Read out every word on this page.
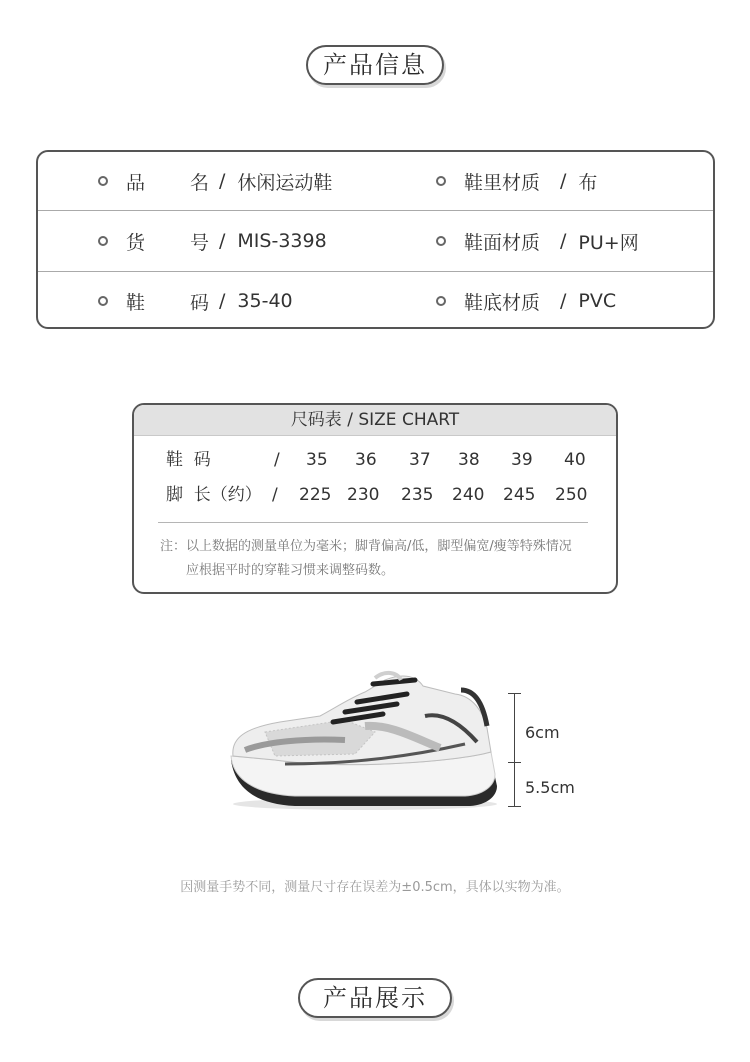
产品信息
品 名 / 休闲运动鞋	鞋里材质	/ 布
货 号 / MIS-3398	鞋面材质	/ PU+网
鞋 码 / 35-40	鞋底材质	/ PVC
尺码表 / SIZE CHART
鞋  码	/ 35 36 37 38 39 40
脚  长（约） / 225 230 235 240 245 250
注：以上数据的测量单位为毫米；脚背偏高/低，脚型偏宽/瘦等特殊情况
应根据平时的穿鞋习惯来调整码数。
6cm
5.5cm
因测量手势不同，测量尺寸存在误差为±0.5cm，具体以实物为准。
产品展示
